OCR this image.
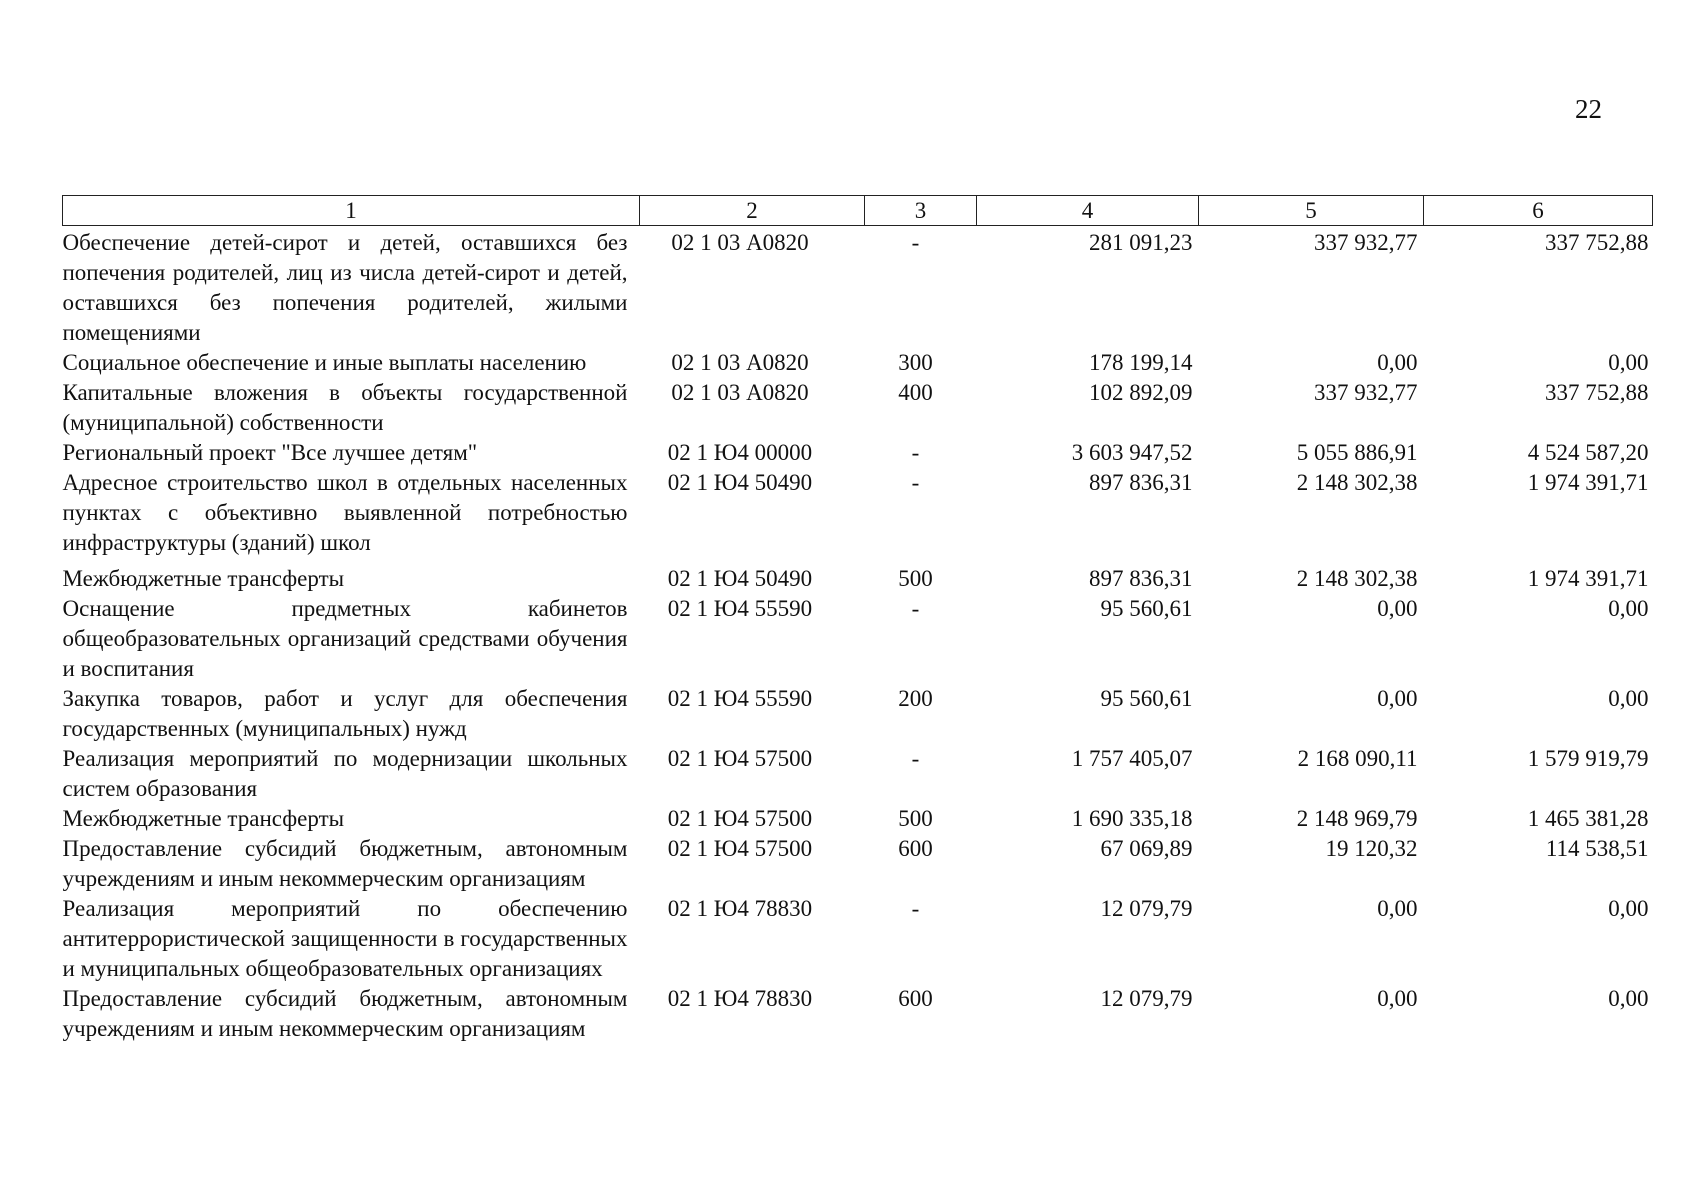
22
1	2	3	4	5	6
Обеспечение детей-сирот и детей, оставшихся без попечения родителей, лиц из числа детей-сирот и детей, оставшихся без попечения родителей, жилыми помещениями	02 1 03 А0820	-	281 091,23	337 932,77	337 752,88
Социальное обеспечение и иные выплаты населению	02 1 03 А0820	300	178 199,14	0,00	0,00
Капитальные вложения в объекты государственной (муниципальной) собственности	02 1 03 А0820	400	102 892,09	337 932,77	337 752,88
Региональный проект "Все лучшее детям"	02 1 Ю4 00000	-	3 603 947,52	5 055 886,91	4 524 587,20
Адресное строительство школ в отдельных населенных пунктах с объективно выявленной потребностью инфраструктуры (зданий) школ	02 1 Ю4 50490	-	897 836,31	2 148 302,38	1 974 391,71
Межбюджетные трансферты	02 1 Ю4 50490	500	897 836,31	2 148 302,38	1 974 391,71
Оснащение предметных кабинетов общеобразовательных организаций средствами обучения и воспитания	02 1 Ю4 55590	-	95 560,61	0,00	0,00
Закупка товаров, работ и услуг для обеспечения государственных (муниципальных) нужд	02 1 Ю4 55590	200	95 560,61	0,00	0,00
Реализация мероприятий по модернизации школьных систем образования	02 1 Ю4 57500	-	1 757 405,07	2 168 090,11	1 579 919,79
Межбюджетные трансферты	02 1 Ю4 57500	500	1 690 335,18	2 148 969,79	1 465 381,28
Предоставление субсидий бюджетным, автономным учреждениям и иным некоммерческим организациям	02 1 Ю4 57500	600	67 069,89	19 120,32	114 538,51
Реализация мероприятий по обеспечению антитеррористической защищенности в государственных и муниципальных общеобразовательных организациях	02 1 Ю4 78830	-	12 079,79	0,00	0,00
Предоставление субсидий бюджетным, автономным учреждениям и иным некоммерческим организациям	02 1 Ю4 78830	600	12 079,79	0,00	0,00
